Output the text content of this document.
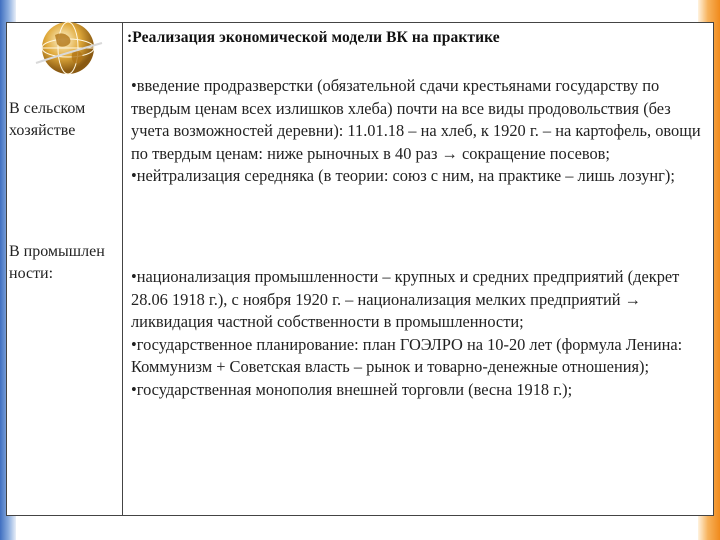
:Реализация экономической модели ВК на практике
В сельском хозяйстве

•введение продразверстки (обязательной сдачи крестьянами государству по твердым ценам всех излишков хлеба) почти на все виды продовольствия (без учета возможностей деревни): 11.01.18 – на хлеб, к 1920 г. – на картофель, овощи по твердым ценам: ниже рыночных в 40 раз → сокращение посевов;

•нейтрализация середняка (в теории: союз с ним, на практике – лишь лозунг);

В промышлен ности:	•национализация промышленности – крупных и средних предприятий (декрет 28.06 1918 г.), с ноября 1920 г. – национализация мелких предприятий → ликвидация частной собственности в промышленности;

•государственное планирование: план ГОЭЛРО на 10-20 лет (формула Ленина: Коммунизм + Советская власть – рынок и товарно-денежные отношения);

•государственная монополия внешней торговли (весна 1918 г.);
